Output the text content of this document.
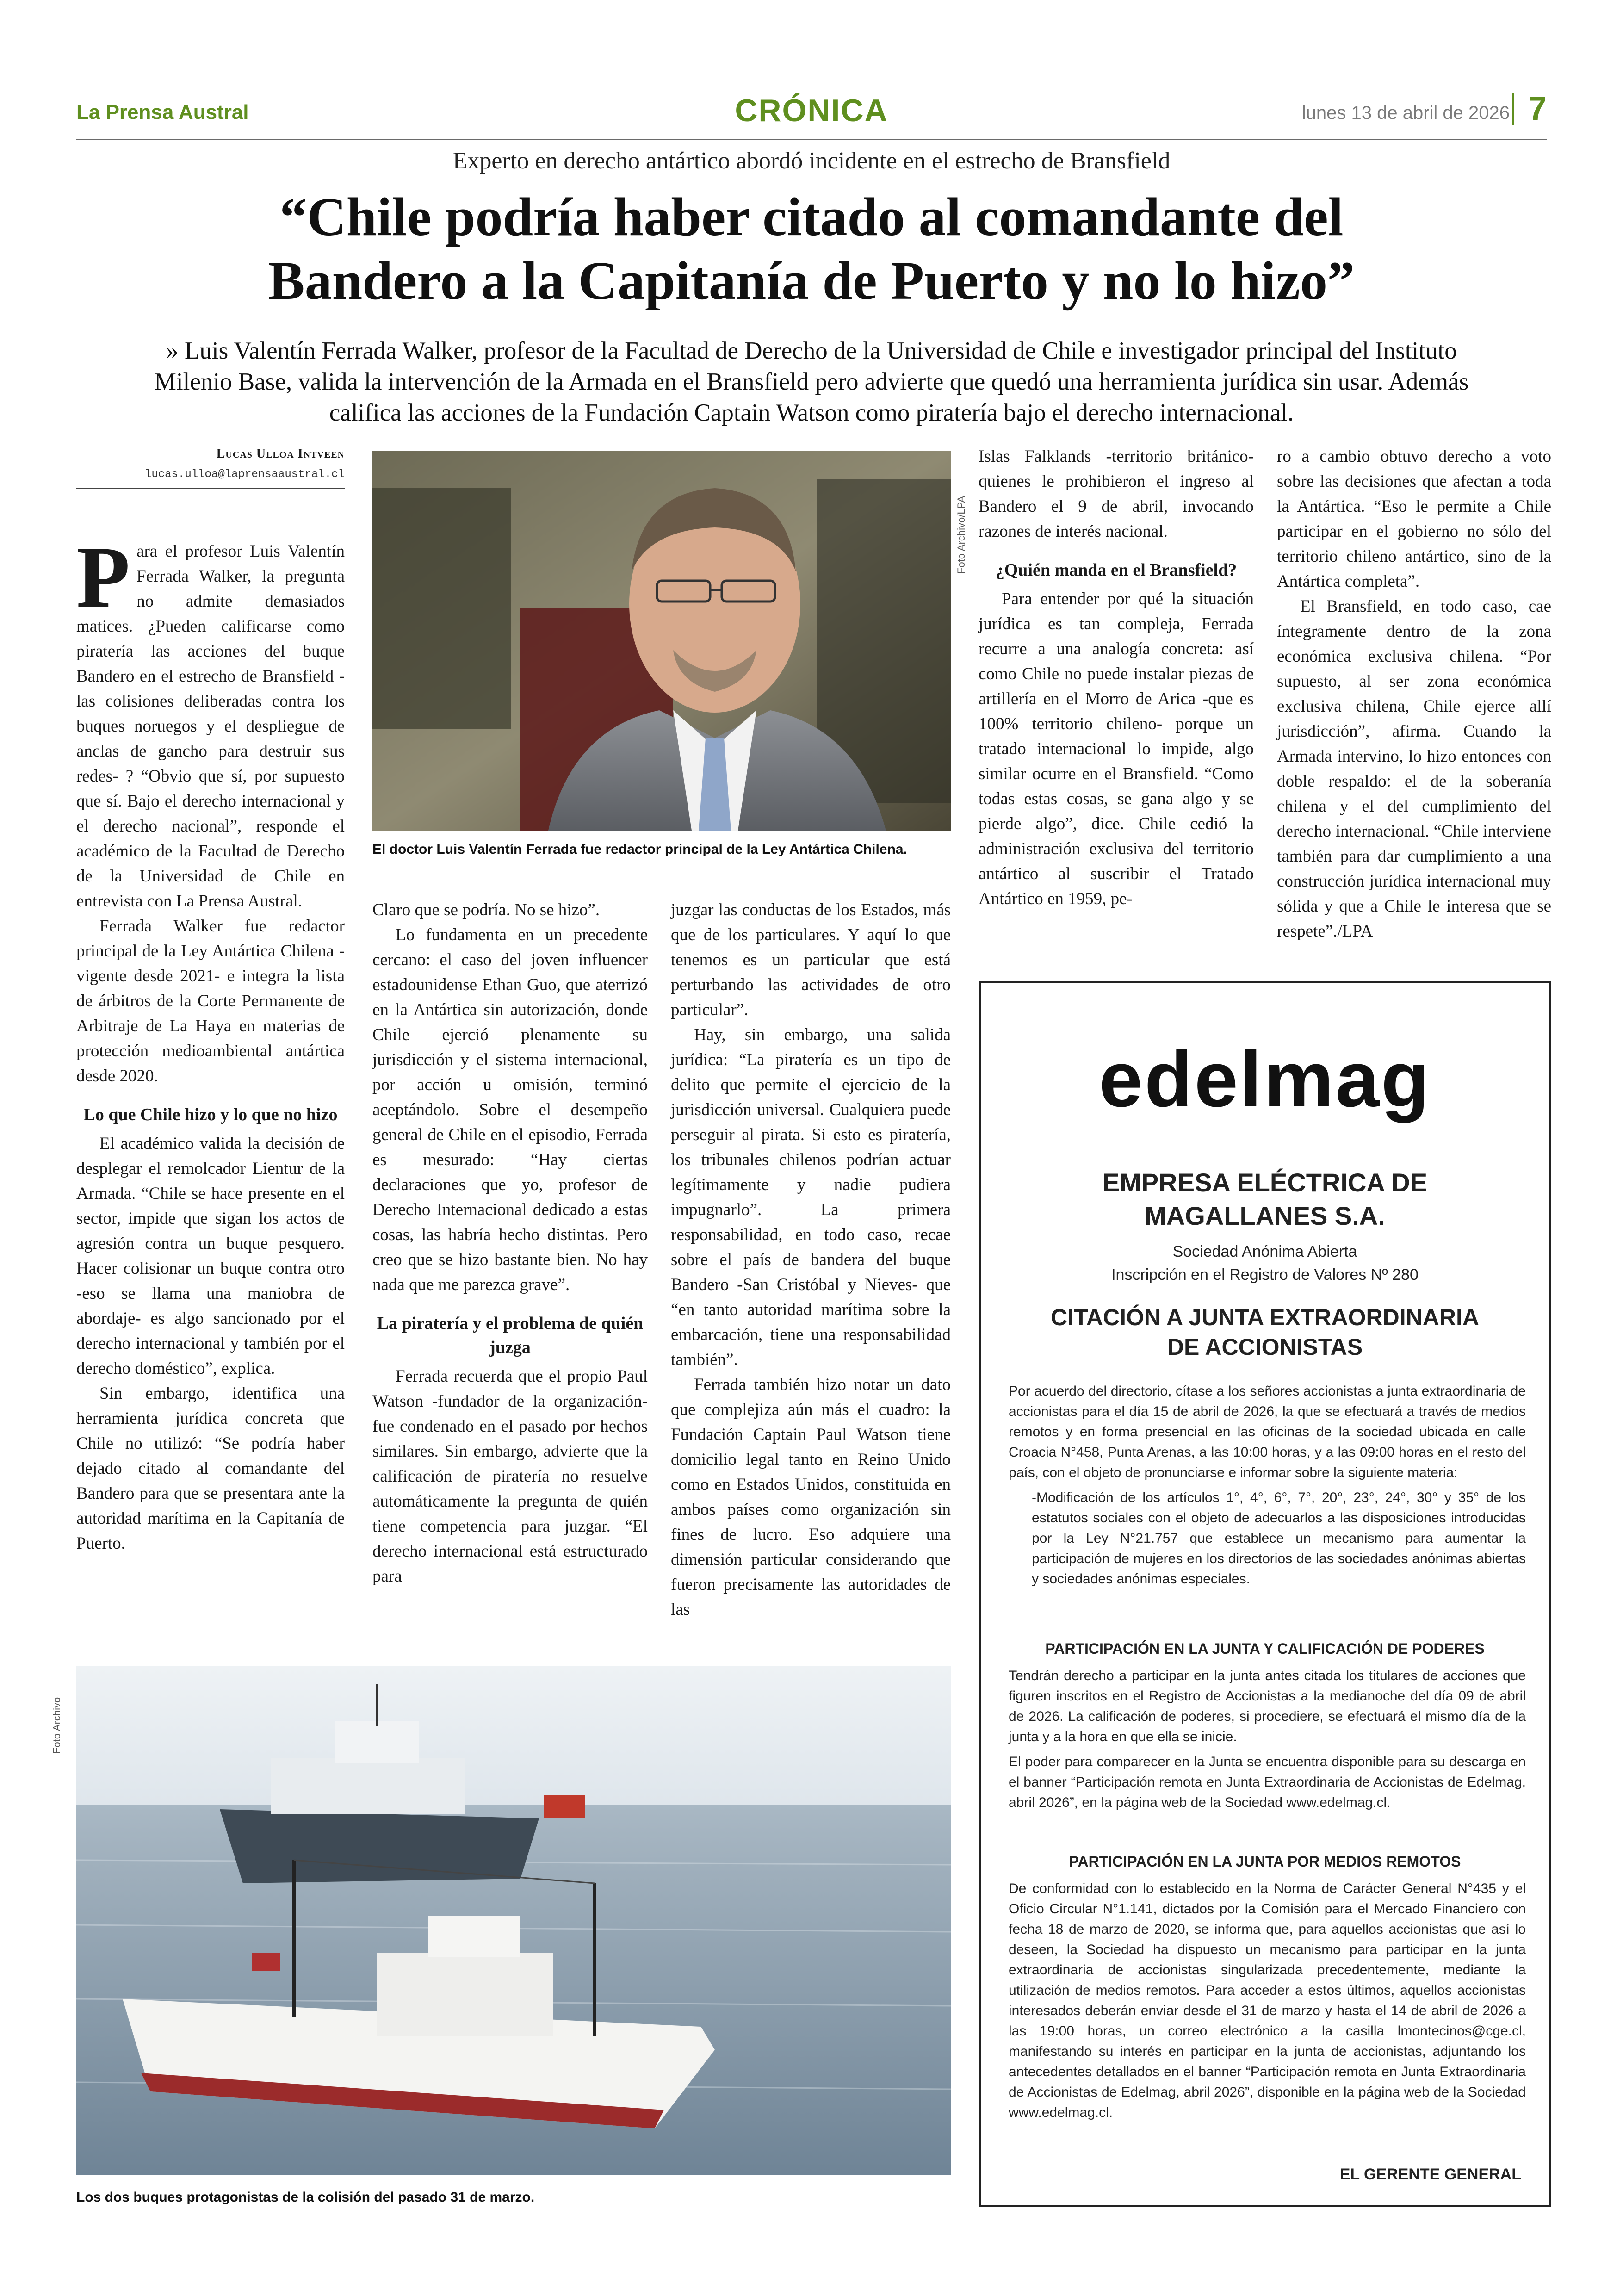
La Prensa Austral	CRÓNICA	lunes 13 de abril de 2026 7
Experto en derecho antártico abordó incidente en el estrecho de Bransfield
“Chile podría haber citado al comandante del
Bandero a la Capitanía de Puerto y no lo hizo”
» Luis Valentín Ferrada Walker, profesor de la Facultad de Derecho de la Universidad de Chile e investigador principal del Instituto Milenio Base, valida la intervención de la Armada en el Bransfield pero advierte que quedó una herramienta jurídica sin usar. Además califica las acciones de la Fundación Captain Watson como piratería bajo el derecho internacional.
Lucas Ulloa Intveen
lucas.ulloa@laprensaaustral.cl

Para el profesor Luis Valentín Ferrada Walker, la pregunta no admite demasiados matices. ¿Pueden calificarse como piratería las acciones del buque Bandero en el estrecho de Bransfield -las colisiones deliberadas contra los buques noruegos y el despliegue de anclas de gancho para destruir sus redes- ? “Obvio que sí, por supuesto que sí. Bajo el derecho internacional y el derecho nacional”, responde el académico de la Facultad de Derecho de la Universidad de Chile en entrevista con La Prensa Austral.

Ferrada Walker fue redactor principal de la Ley Antártica Chilena -vigente desde 2021- e integra la lista de árbitros de la Corte Permanente de Arbitraje de La Haya en materias de protección medioambiental antártica desde 2020.

Lo que Chile hizo y lo que no hizo

El académico valida la decisión de desplegar el remolcador Lientur de la Armada. “Chile se hace presente en el sector, impide que sigan los actos de agresión contra un buque pesquero. Hacer colisionar un buque contra otro -eso se llama una maniobra de abordaje- es algo sancionado por el derecho internacional y también por el derecho doméstico”, explica.

Sin embargo, identifica una herramienta jurídica concreta que Chile no utilizó: “Se podría haber dejado citado al comandante del Bandero para que se presentara ante la autoridad marítima en la Capitanía de Puerto.

Foto Archivo/LPA
El doctor Luis Valentín Ferrada fue redactor principal de la Ley Antártica Chilena.

Claro que se podría. No se hizo”.

Lo fundamenta en un precedente cercano: el caso del joven influencer estadounidense Ethan Guo, que aterrizó en la Antártica sin autorización, donde Chile ejerció plenamente su jurisdicción y el sistema internacional, por acción u omisión, terminó aceptándolo. Sobre el desempeño general de Chile en el episodio, Ferrada es mesurado: “Hay ciertas declaraciones que yo, profesor de Derecho Internacional dedicado a estas cosas, las habría hecho distintas. Pero creo que se hizo bastante bien. No hay nada que me parezca grave”.

La piratería y el problema de quién juzga

Ferrada recuerda que el propio Paul Watson -fundador de la organización- fue condenado en el pasado por hechos similares. Sin embargo, advierte que la calificación de piratería no resuelve automáticamente la pregunta de quién tiene competencia para juzgar. “El derecho internacional está estructurado para

juzgar las conductas de los Estados, más que de los particulares. Y aquí lo que tenemos es un particular que está perturbando las actividades de otro particular”.

Hay, sin embargo, una salida jurídica: “La piratería es un tipo de delito que permite el ejercicio de la jurisdicción universal. Cualquiera puede perseguir al pirata. Si esto es piratería, los tribunales chilenos podrían actuar legítimamente y nadie pudiera impugnarlo”. La primera responsabilidad, en todo caso, recae sobre el país de bandera del buque Bandero -San Cristóbal y Nieves- que “en tanto autoridad marítima sobre la embarcación, tiene una responsabilidad también”.

Ferrada también hizo notar un dato que complejiza aún más el cuadro: la Fundación Captain Paul Watson tiene domicilio legal tanto en Reino Unido como en Estados Unidos, constituida en ambos países como organización sin fines de lucro. Eso adquiere una dimensión particular considerando que fueron precisamente las autoridades de las

Islas Falklands -territorio británico- quienes le prohibieron el ingreso al Bandero el 9 de abril, invocando razones de interés nacional.

¿Quién manda en el Bransfield?

Para entender por qué la situación jurídica es tan compleja, Ferrada recurre a una analogía concreta: así como Chile no puede instalar piezas de artillería en el Morro de Arica -que es 100% territorio chileno- porque un tratado internacional lo impide, algo similar ocurre en el Bransfield. “Como todas estas cosas, se gana algo y se pierde algo”, dice. Chile cedió la administración exclusiva del territorio antártico al suscribir el Tratado Antártico en 1959, pe-

ro a cambio obtuvo derecho a voto sobre las decisiones que afectan a toda la Antártica. “Eso le permite a Chile participar en el gobierno no sólo del territorio chileno antártico, sino de la Antártica completa”.

El Bransfield, en todo caso, cae íntegramente dentro de la zona económica exclusiva chilena. “Por supuesto, al ser zona económica exclusiva chilena, Chile ejerce allí jurisdicción”, afirma. Cuando la Armada intervino, lo hizo entonces con doble respaldo: el de la soberanía chilena y el del cumplimiento del derecho internacional. “Chile interviene también para dar cumplimiento a una construcción jurídica internacional muy sólida y que a Chile le interesa que se respete”./LPA

Foto Archivo
Los dos buques protagonistas de la colisión del pasado 31 de marzo.
edelmag
EMPRESA ELÉCTRICA DE MAGALLANES S.A.
Sociedad Anónima Abierta
Inscripción en el Registro de Valores Nº 280
CITACIÓN A JUNTA EXTRAORDINARIA DE ACCIONISTAS

Por acuerdo del directorio, cítase a los señores accionistas a junta extraordinaria de accionistas para el día 15 de abril de 2026, la que se efectuará a través de medios remotos y en forma presencial en las oficinas de la sociedad ubicada en calle Croacia N°458, Punta Arenas, a las 10:00 horas, y a las 09:00 horas en el resto del país, con el objeto de pronunciarse e informar sobre la siguiente materia:

-Modificación de los artículos 1°, 4°, 6°, 7°, 20°, 23°, 24°, 30° y 35° de los estatutos sociales con el objeto de adecuarlos a las disposiciones introducidas por la Ley N°21.757 que establece un mecanismo para aumentar la participación de mujeres en los directorios de las sociedades anónimas abiertas y sociedades anónimas especiales.

PARTICIPACIÓN EN LA JUNTA Y CALIFICACIÓN DE PODERES

Tendrán derecho a participar en la junta antes citada los titulares de acciones que figuren inscritos en el Registro de Accionistas a la medianoche del día 09 de abril de 2026. La calificación de poderes, si procediere, se efectuará el mismo día de la junta y a la hora en que ella se inicie.

El poder para comparecer en la Junta se encuentra disponible para su descarga en el banner “Participación remota en Junta Extraordinaria de Accionistas de Edelmag, abril 2026”, en la página web de la Sociedad www.edelmag.cl.

PARTICIPACIÓN EN LA JUNTA POR MEDIOS REMOTOS

De conformidad con lo establecido en la Norma de Carácter General N°435 y el Oficio Circular N°1.141, dictados por la Comisión para el Mercado Financiero con fecha 18 de marzo de 2020, se informa que, para aquellos accionistas que así lo deseen, la Sociedad ha dispuesto un mecanismo para participar en la junta extraordinaria de accionistas singularizada precedentemente, mediante la utilización de medios remotos. Para acceder a estos últimos, aquellos accionistas interesados deberán enviar desde el 31 de marzo y hasta el 14 de abril de 2026 a las 19:00 horas, un correo electrónico a la casilla lmontecinos@cge.cl, manifestando su interés en participar en la junta de accionistas, adjuntando los antecedentes detallados en el banner “Participación remota en Junta Extraordinaria de Accionistas de Edelmag, abril 2026”, disponible en la página web de la Sociedad www.edelmag.cl.

EL GERENTE GENERAL
